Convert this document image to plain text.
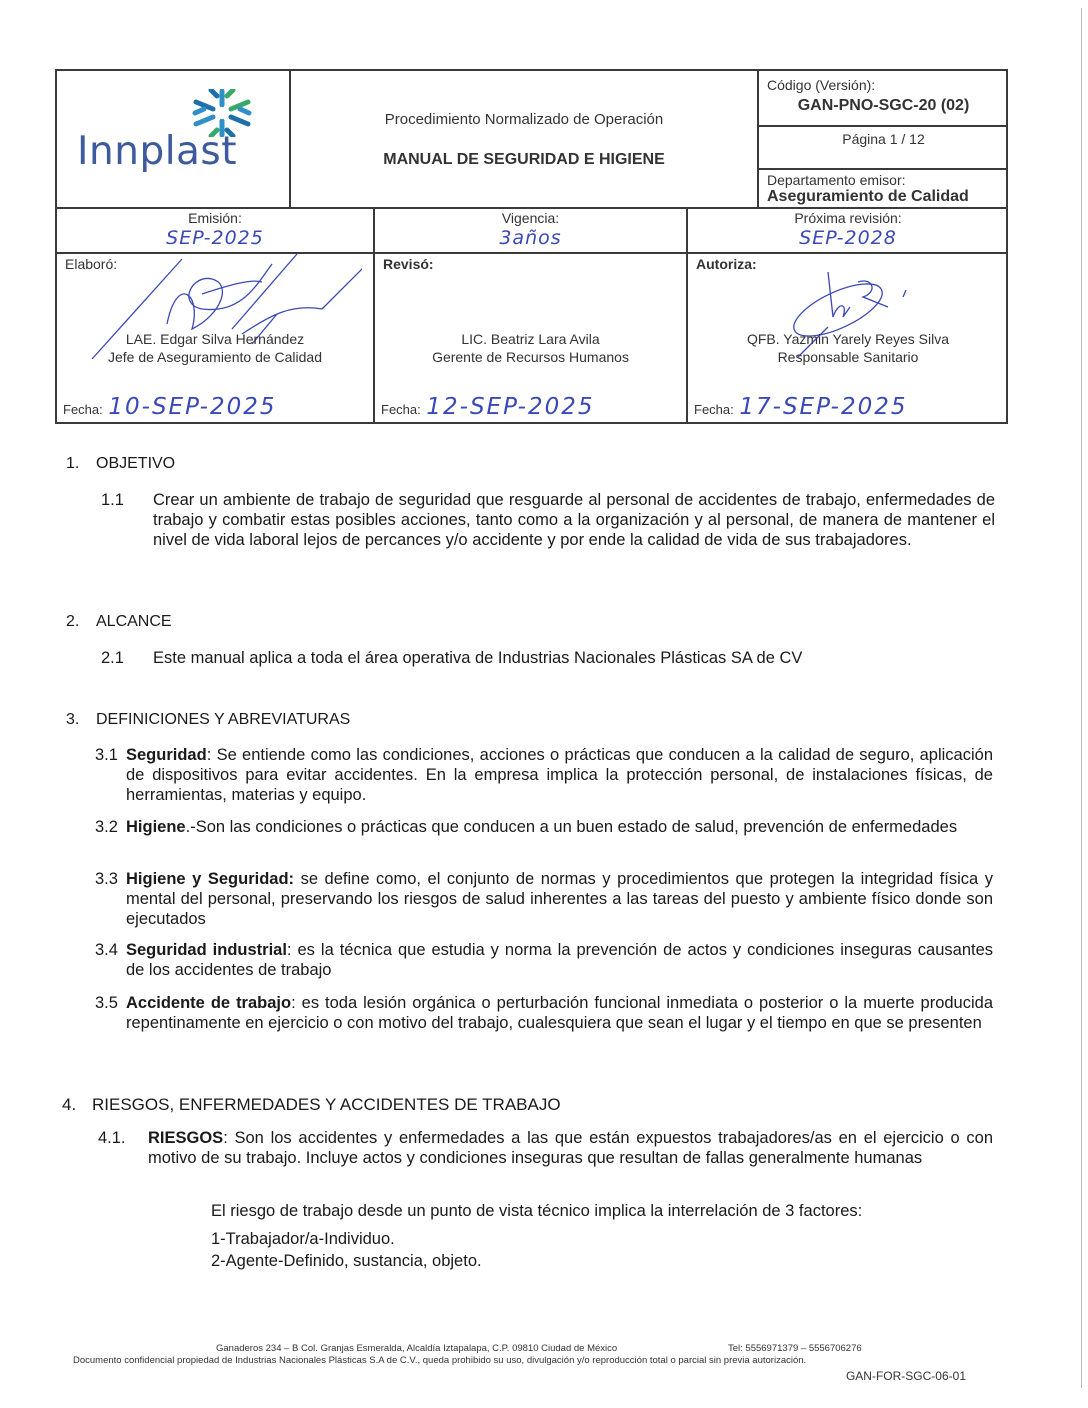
Innplast
Procedimiento Normalizado de Operación
MANUAL DE SEGURIDAD E HIGIENE
Código (Versión):
GAN-PNO-SGC-20 (02)
Página 1 / 12
Departamento emisor:
Aseguramiento de Calidad
Emisión:
SEP-2025
Vigencia:
3años
Próxima revisión:
SEP-2028
Elaboró:
LAE. Edgar Silva Hernández
Jefe de Aseguramiento de Calidad
Fecha: 10-SEP-2025
Revisó:
LIC. Beatriz Lara Avila
Gerente de Recursos Humanos
Fecha: 12-SEP-2025
Autoriza:
QFB. Yazmin Yarely Reyes Silva
Responsable Sanitario
Fecha: 17-SEP-2025
1. OBJETIVO
1.1 Crear un ambiente de trabajo de seguridad que resguarde al personal de accidentes de trabajo, enfermedades de trabajo y combatir estas posibles acciones, tanto como a la organización y al personal, de manera de mantener el nivel de vida laboral lejos de percances y/o accidente y por ende la calidad de vida de sus trabajadores.
2. ALCANCE
2.1 Este manual aplica a toda el área operativa de Industrias Nacionales Plásticas SA de CV
3. DEFINICIONES Y ABREVIATURAS
3.1 Seguridad: Se entiende como las condiciones, acciones o prácticas que conducen a la calidad de seguro, aplicación de dispositivos para evitar accidentes. En la empresa implica la protección personal, de instalaciones físicas, de herramientas, materias y equipo.
3.2 Higiene.-Son las condiciones o prácticas que conducen a un buen estado de salud, prevención de enfermedades
3.3 Higiene y Seguridad: se define como, el conjunto de normas y procedimientos que protegen la integridad física y mental del personal, preservando los riesgos de salud inherentes a las tareas del puesto y ambiente físico donde son ejecutados
3.4 Seguridad industrial: es la técnica que estudia y norma la prevención de actos y condiciones inseguras causantes de los accidentes de trabajo
3.5 Accidente de trabajo: es toda lesión orgánica o perturbación funcional inmediata o posterior o la muerte producida repentinamente en ejercicio o con motivo del trabajo, cualesquiera que sean el lugar y el tiempo en que se presenten
4. RIESGOS, ENFERMEDADES Y ACCIDENTES DE TRABAJO
4.1. RIESGOS: Son los accidentes y enfermedades a las que están expuestos trabajadores/as en el ejercicio o con motivo de su trabajo. Incluye actos y condiciones inseguras que resultan de fallas generalmente humanas
El riesgo de trabajo desde un punto de vista técnico implica la interrelación de 3 factores:
1-Trabajador/a-Individuo.
2-Agente-Definido, sustancia, objeto.
Ganaderos 234 – B Col. Granjas Esmeralda, Alcaldía Iztapalapa, C.P. 09810 Ciudad de México	Tel: 5556971379 – 5556706276
Documento confidencial propiedad de Industrias Nacionales Plásticas S.A de C.V., queda prohibido su uso, divulgación y/o reproducción total o parcial sin previa autorización.
GAN-FOR-SGC-06-01
